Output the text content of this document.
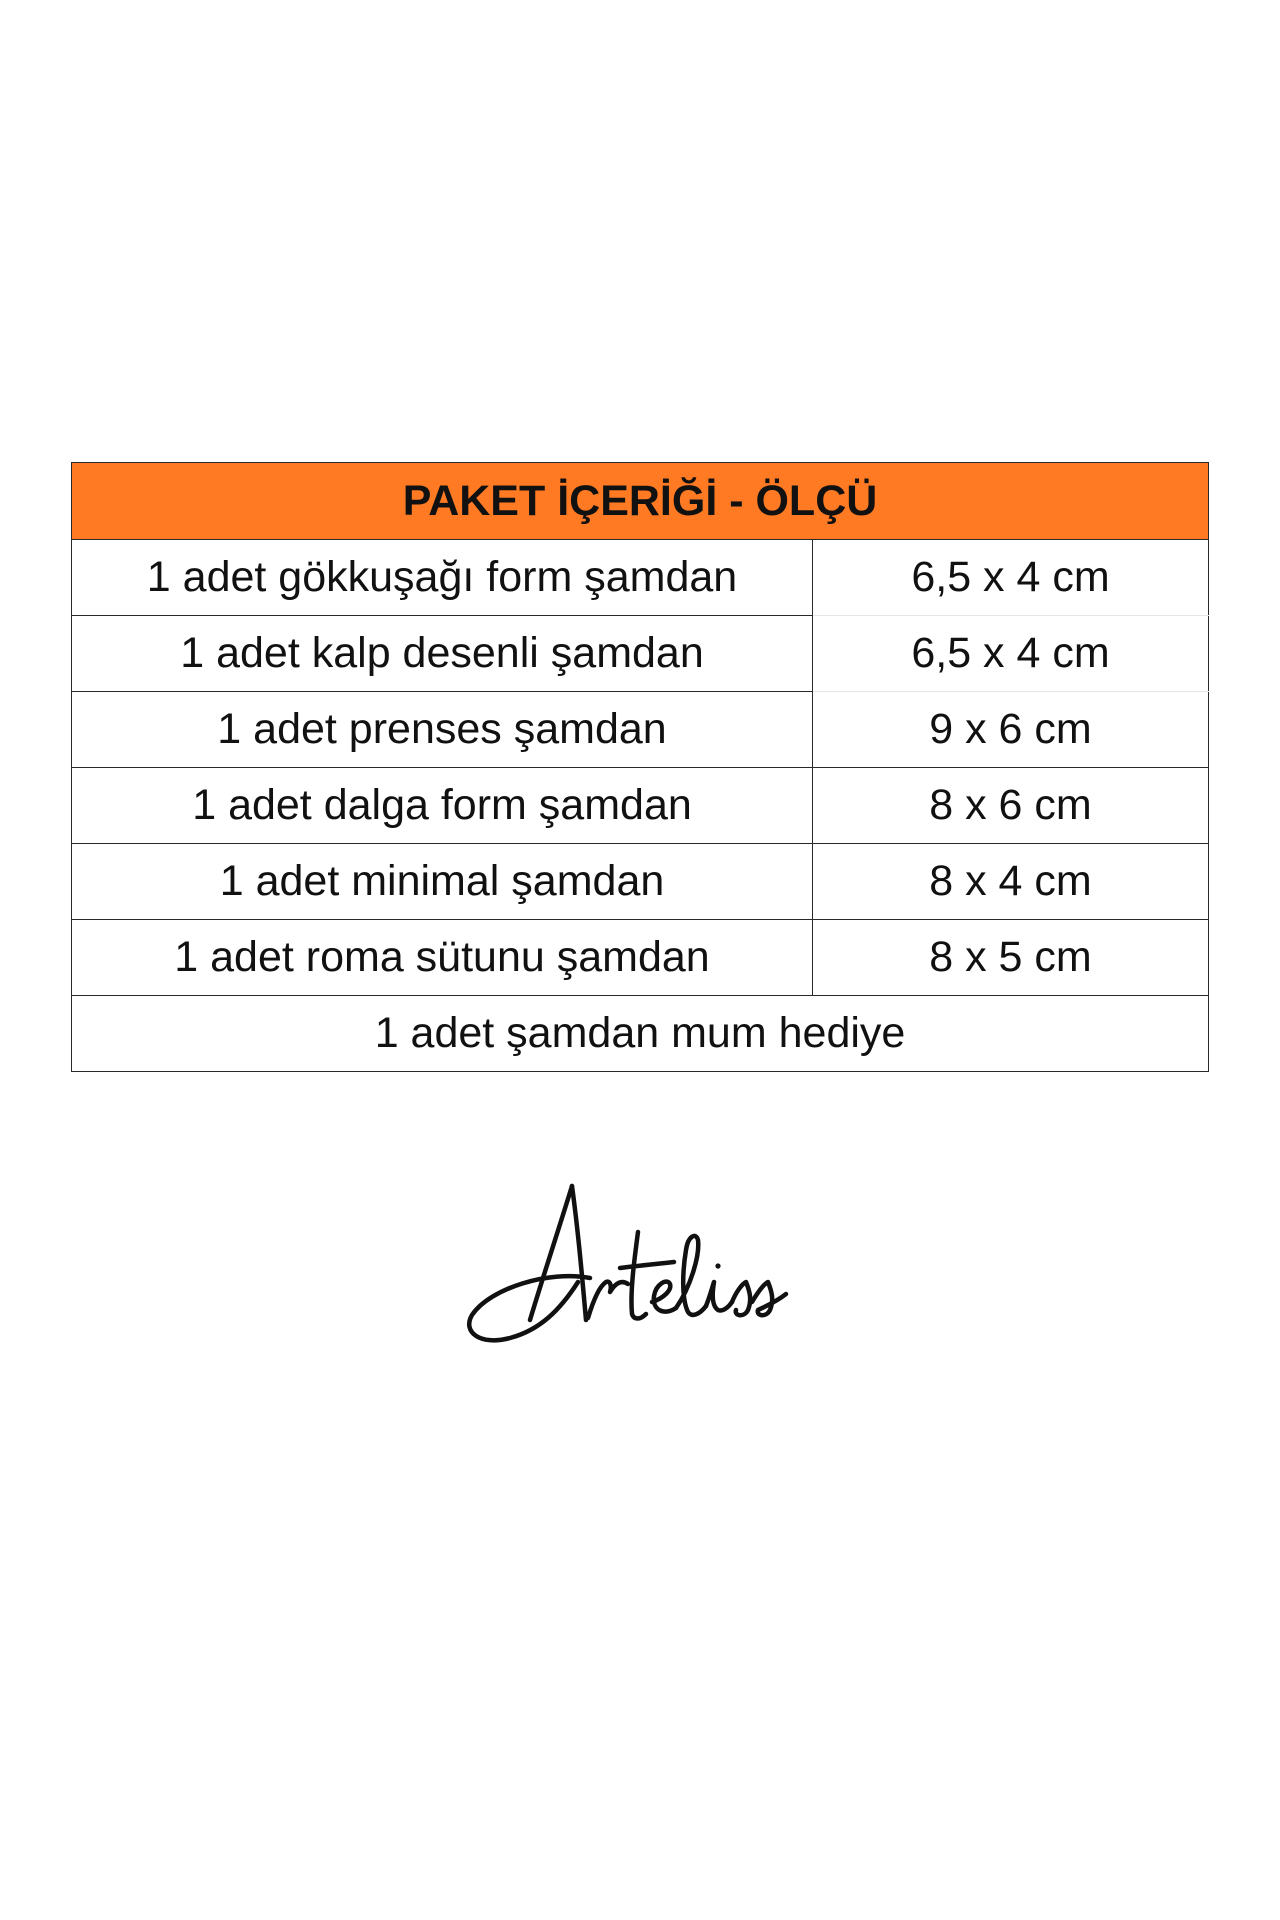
PAKET İÇERİĞİ - ÖLÇÜ	
1 adet gökkuşağı form şamdan	6,5 x 4 cm
1 adet kalp desenli şamdan	6,5 x 4 cm
1 adet prenses şamdan	9 x 6 cm
1 adet dalga form şamdan	8 x 6 cm
1 adet minimal şamdan	8 x 4 cm
1 adet roma sütunu şamdan	8 x 5 cm
1 adet şamdan mum hediye	
